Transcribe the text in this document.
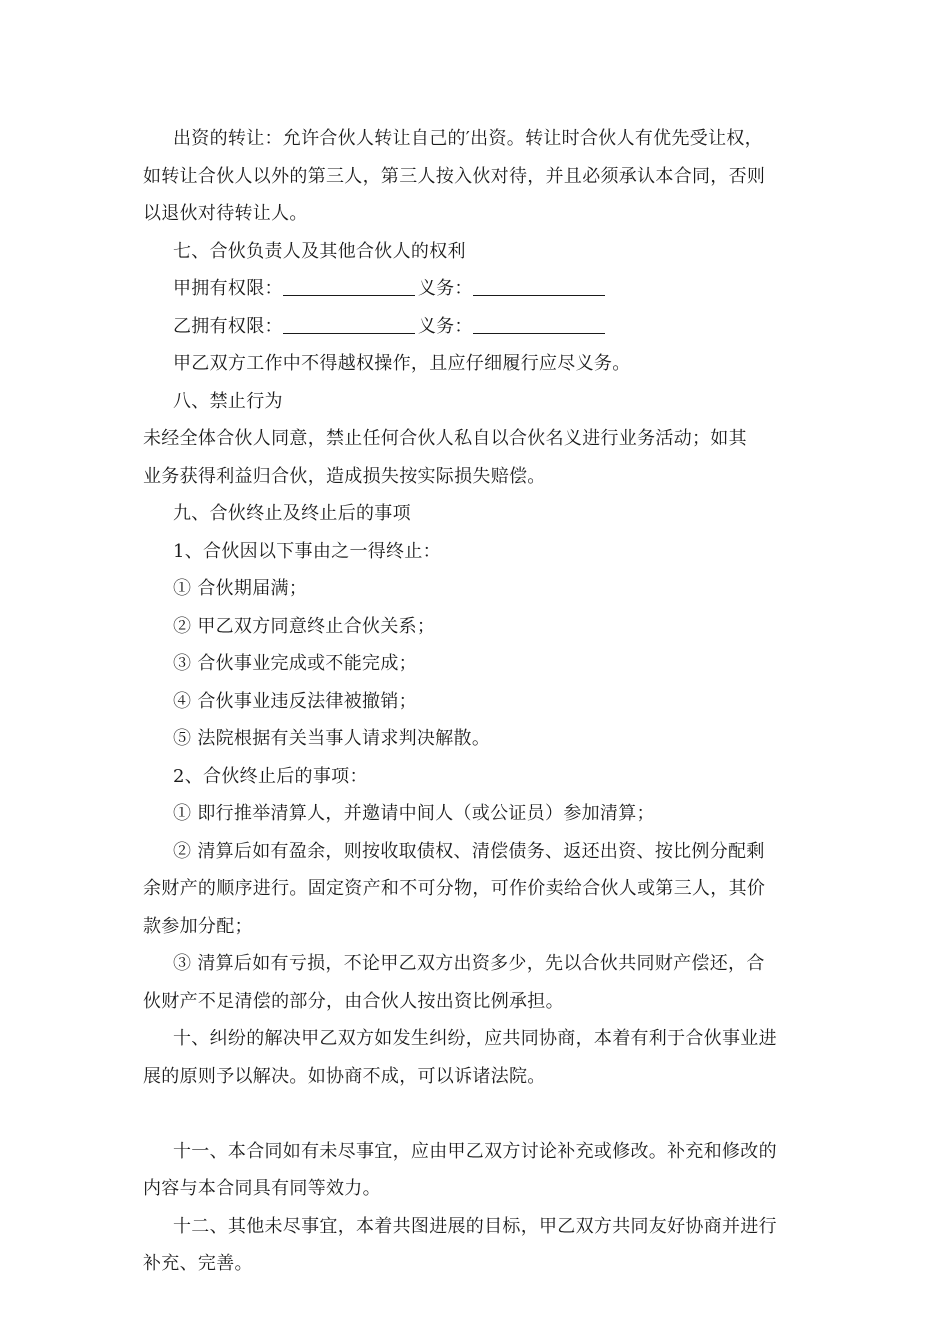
出资的转让：允许合伙人转让自己的′出资。转让时合伙人有优先受让权，
如转让合伙人以外的第三人，第三人按入伙对待，并且必须承认本合同，否则
以退伙对待转让人。
七、合伙负责人及其他合伙人的权利
甲拥有权限：	义务：
乙拥有权限：	义务：
甲乙双方工作中不得越权操作，且应仔细履行应尽义务。
八、禁止行为
未经全体合伙人同意，禁止任何合伙人私自以合伙名义进行业务活动；如其
业务获得利益归合伙，造成损失按实际损失赔偿。
九、合伙终止及终止后的事项
1、合伙因以下事由之一得终止：
① 合伙期届满；
② 甲乙双方同意终止合伙关系；
③ 合伙事业完成或不能完成；
④ 合伙事业违反法律被撤销；
⑤ 法院根据有关当事人请求判决解散。
2、合伙终止后的事项：
① 即行推举清算人，并邀请中间人（或公证员）参加清算；
② 清算后如有盈余，则按收取债权、清偿债务、返还出资、按比例分配剩
余财产的顺序进行。固定资产和不可分物，可作价卖给合伙人或第三人，其价
款参加分配；
③ 清算后如有亏损，不论甲乙双方出资多少，先以合伙共同财产偿还，合
伙财产不足清偿的部分，由合伙人按出资比例承担。
十、纠纷的解决甲乙双方如发生纠纷，应共同协商，本着有利于合伙事业进
展的原则予以解决。如协商不成，可以诉诸法院。
十一、本合同如有未尽事宜，应由甲乙双方讨论补充或修改。补充和修改的
内容与本合同具有同等效力。
十二、其他未尽事宜，本着共图进展的目标，甲乙双方共同友好协商并进行
补充、完善。
